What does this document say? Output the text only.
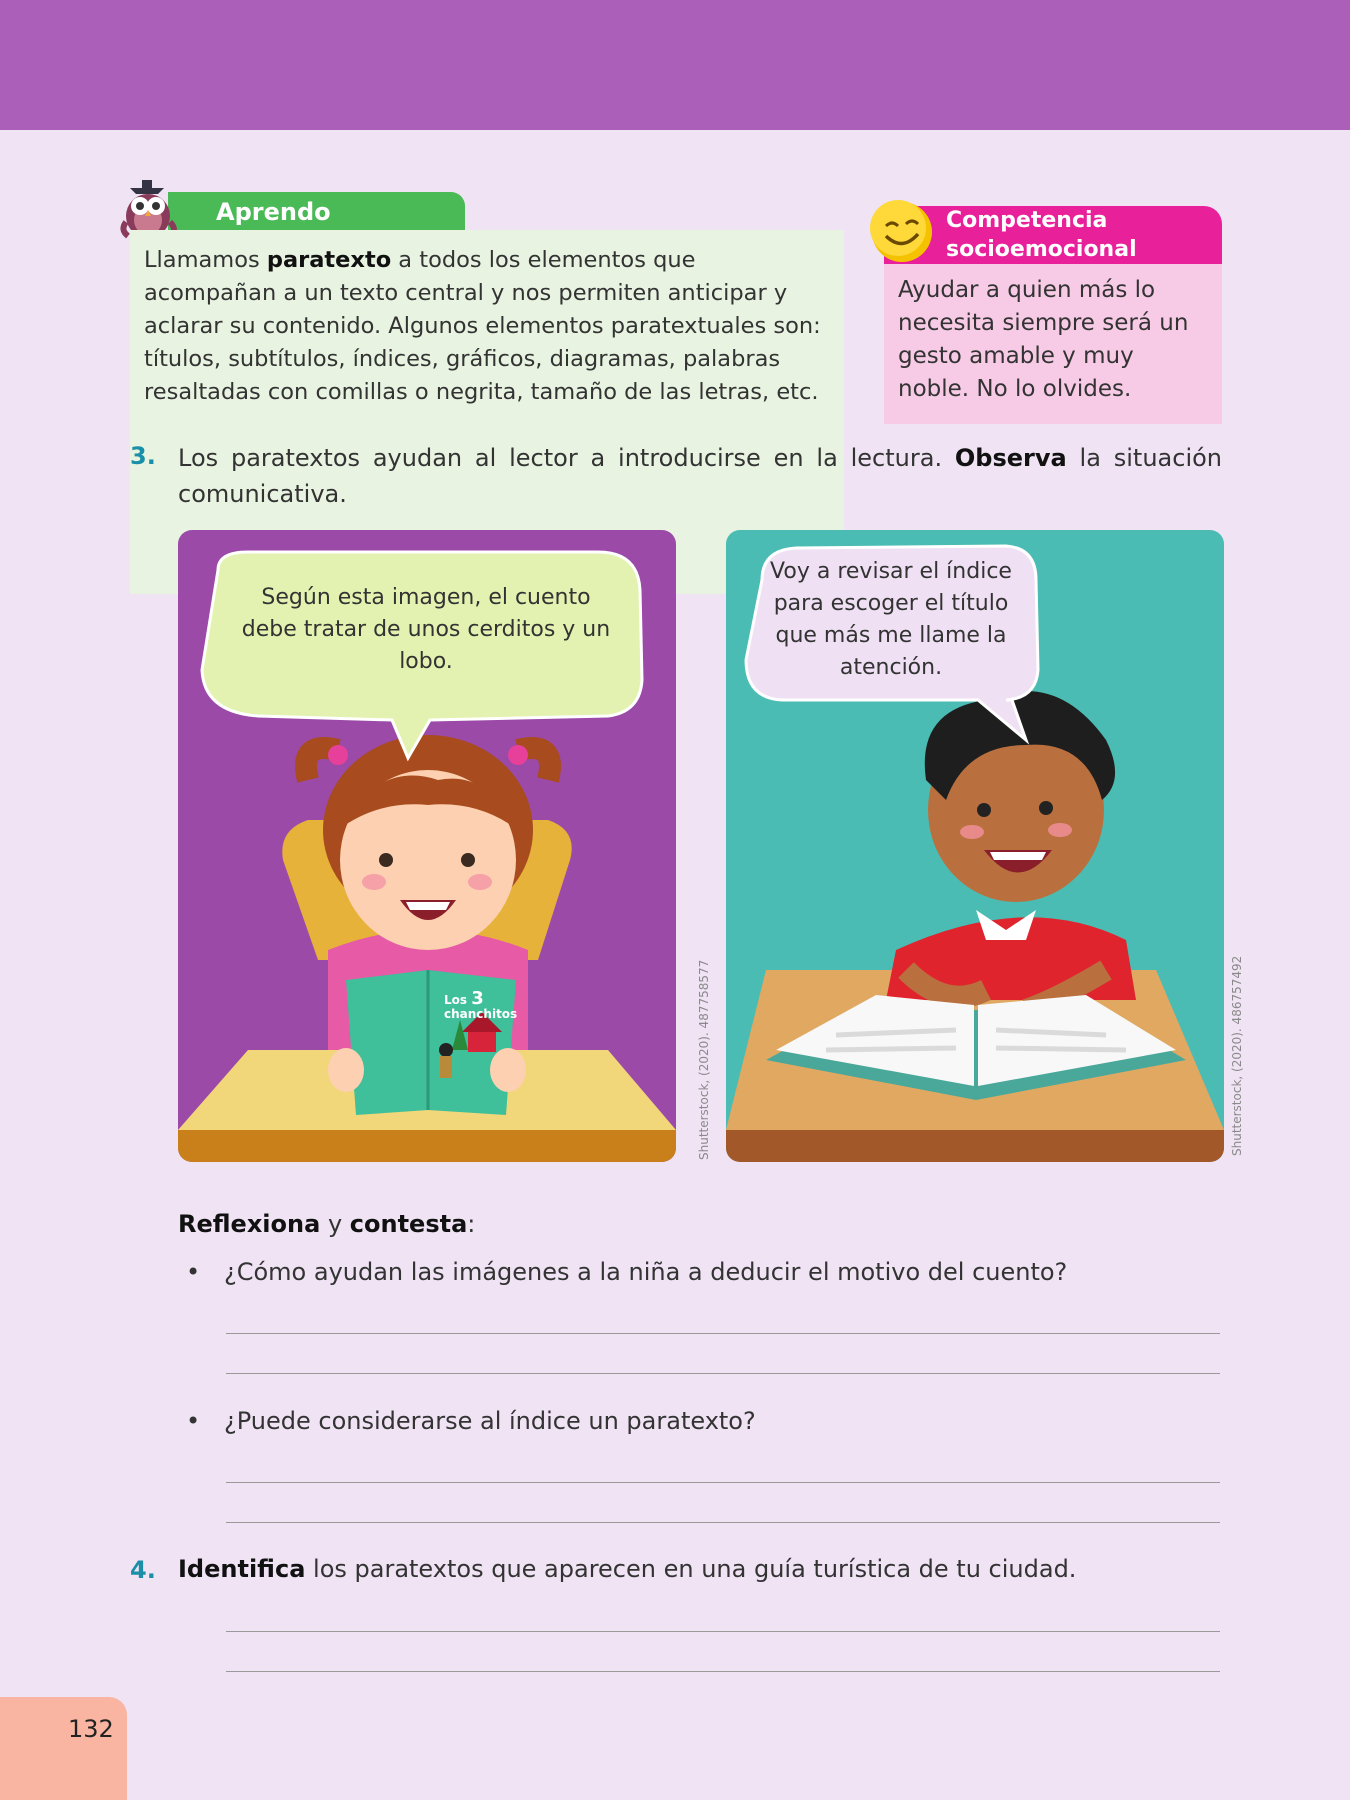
Aprendo
Llamamos paratexto a todos los elementos que acompañan a un texto central y nos permiten anticipar y aclarar su contenido. Algunos elementos paratextuales son: títulos, subtítulos, índices, gráficos, diagramas, palabras resaltadas con comillas o negrita, tamaño de las letras, etc.
Competencia
socioemocional
Ayudar a quien más lo necesita siempre será un gesto amable y muy noble. No lo olvides.
3. Los paratextos ayudan al lector a introducirse en la lectura. Observa la situación comunicativa.
Según esta imagen, el cuento debe tratar de unos cerditos y un lobo.
Los 3 chanchitos	Shutterstock, (2020). 487758577
Voy a revisar el índice para escoger el título que más me llame la atención.
Shutterstock, (2020). 486757492
Reflexiona y contesta:
• ¿Cómo ayudan las imágenes a la niña a deducir el motivo del cuento?
• ¿Puede considerarse al índice un paratexto?
4. Identifica los paratextos que aparecen en una guía turística de tu ciudad.
132
